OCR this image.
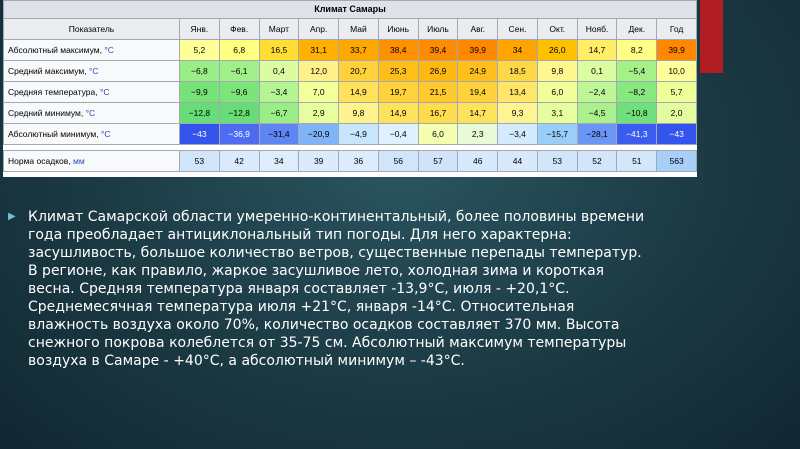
Климат Самары
Показатель	Янв.	Фев.	Март	Апр.	Май	Июнь	Июль	Авг.	Сен.	Окт.	Нояб.	Дек.	Год
Абсолютный максимум, °C	5,2	6,8	16,5	31,1	33,7	38,4	39,4	39,9	34	26,0	14,7	8,2	39,9
Средний максимум, °C	−6,8	−6,1	0,4	12,0	20,7	25,3	26,9	24,9	18,5	9,8	0,1	−5,4	10,0
Средняя температура, °C	−9,9	−9,6	−3,4	7,0	14,9	19,7	21,5	19,4	13,4	6,0	−2,4	−8,2	5,7
Средний минимум, °C	−12,8	−12,8	−6,7	2,9	9,8	14,9	16,7	14,7	9,3	3,1	−4,5	−10,8	2,0
Абсолютный минимум, °C	−43	−36,9	−31,4	−20,9	−4,9	−0,4	6,0	2,3	−3,4	−15,7	−28,1	−41,3	−43

Норма осадков, мм	53	42	34	39	36	56	57	46	44	53	52	51	563
▶ Климат Самарской области умеренно-континентальный, более половины времени года преобладает антициклональный тип погоды. Для него характерна: засушливость, большое количество ветров, существенные перепады температур. В регионе, как правило, жаркое засушливое лето, холодная зима и короткая весна. Средняя температура января составляет -13,9°C, июля - +20,1°C. Среднемесячная температура июля +21°C, января -14°C. Относительная влажность воздуха около 70%, количество осадков составляет 370 мм. Высота снежного покрова колеблется от 35-75 см. Абсолютный максимум температуры воздуха в Самаре - +40°C, а абсолютный минимум – -43°C.
